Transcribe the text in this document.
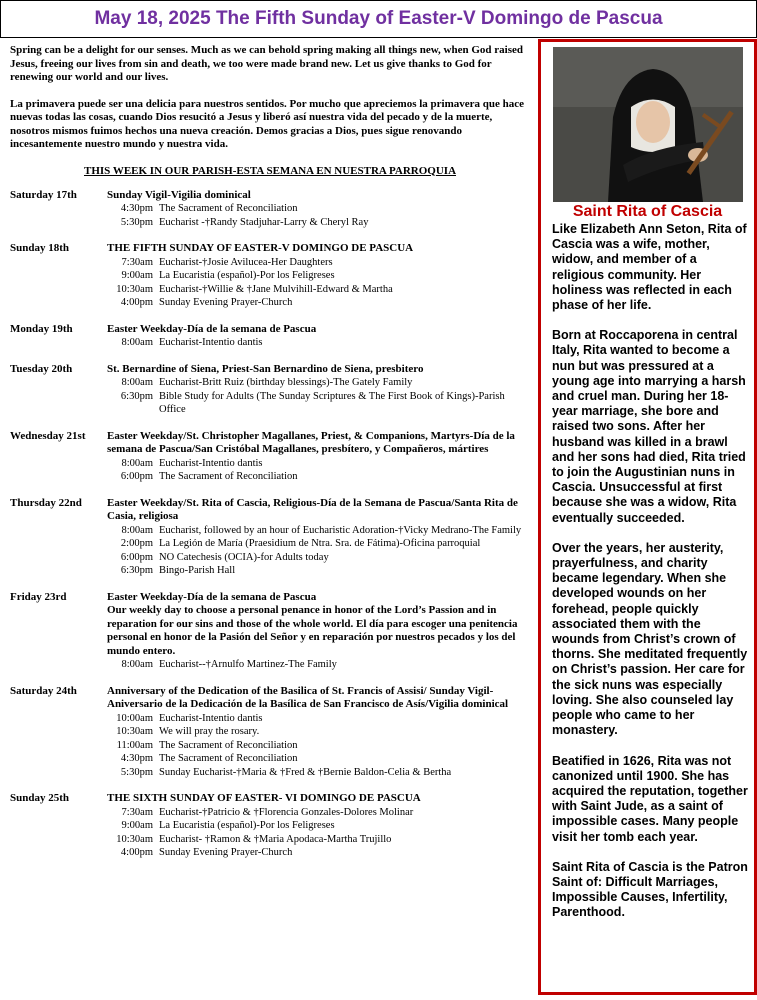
May 18, 2025 The Fifth Sunday of Easter-V Domingo de Pascua

Spring can be a delight for our senses. Much as we can behold spring making all things new, when God raised Jesus, freeing our lives from sin and death, we too were made brand new. Let us give thanks to God for renewing our world and our lives.

La primavera puede ser una delicia para nuestros sentidos. Por mucho que apreciemos la primavera que hace nuevas todas las cosas, cuando Dios resucitó a Jesus y liberó así nuestra vida del pecado y de la muerte, nosotros mismos fuimos hechos una nueva creación. Demos gracias a Dios, pues sigue renovando incesantemente nuestro mundo y nuestra vida.

THIS WEEK IN OUR PARISH-ESTA SEMANA EN NUESTRA PARROQUIA
Saturday 17th	Sunday Vigil-Vigilia dominical
4:30pm The Sacrament of Reconciliation
5:30pm Eucharist -†Randy Stadjuhar-Larry & Cheryl Ray
Sunday 18th	THE FIFTH SUNDAY OF EASTER-V DOMINGO DE PASCUA
7:30am Eucharist-†Josie Avilucea-Her Daughters
9:00am La Eucaristia (español)-Por los Feligreses
10:30am Eucharist-†Willie & †Jane Mulvihill-Edward & Martha
4:00pm Sunday Evening Prayer-Church
Monday 19th	Easter Weekday-Día de la semana de Pascua
8:00am Eucharist-Intentio dantis
Tuesday 20th	St. Bernardine of Siena, Priest-San Bernardino de Siena, presbitero
8:00am Eucharist-Britt Ruiz (birthday blessings)-The Gately Family
6:30pm Bible Study for Adults (The Sunday Scriptures & The First Book of Kings)-Parish Office
Wednesday 21st	Easter Weekday/St. Christopher Magallanes, Priest, & Companions, Martyrs-Día de la semana de Pascua/San Cristóbal Magallanes, presbítero, y Compañeros, mártires
8:00am Eucharist-Intentio dantis
6:00pm The Sacrament of Reconciliation
Thursday 22nd	Easter Weekday/St. Rita of Cascia, Religious-Día de la Semana de Pascua/Santa Rita de Casia, religiosa
8:00am Eucharist, followed by an hour of Eucharistic Adoration-†Vicky Medrano-The Family
2:00pm La Legión de María (Praesidium de Ntra. Sra. de Fátima)-Oficina parroquial
6:00pm NO Catechesis (OCIA)-for Adults today
6:30pm Bingo-Parish Hall
Friday 23rd	Easter Weekday-Día de la semana de Pascua
Our weekly day to choose a personal penance in honor of the Lord’s Passion and in reparation for our sins and those of the whole world. El día para escoger una penitencia personal en honor de la Pasión del Señor y en reparación por nuestros pecados y los del mundo entero.
8:00am Eucharist--†Arnulfo Martinez-The Family
Saturday 24th	Anniversary of the Dedication of the Basilica of St. Francis of Assisi/ Sunday Vigil-Aniversario de la Dedicación de la Basílica de San Francisco de Asís/Vigilia dominical
10:00am Eucharist-Intentio dantis
10:30am We will pray the rosary.
11:00am The Sacrament of Reconciliation
4:30pm The Sacrament of Reconciliation
5:30pm Sunday Eucharist-†Maria & †Fred & †Bernie Baldon-Celia & Bertha
Sunday 25th	THE SIXTH SUNDAY OF EASTER- VI DOMINGO DE PASCUA
7:30am Eucharist-†Patricio & †Florencia Gonzales-Dolores Molinar
9:00am La Eucaristia (español)-Por los Feligreses
10:30am Eucharist- †Ramon & †Maria Apodaca-Martha Trujillo
4:00pm Sunday Evening Prayer-Church
Saint Rita of Cascia

Like Elizabeth Ann Seton, Rita of Cascia was a wife, mother, widow, and member of a religious community. Her holiness was reflected in each phase of her life.

Born at Roccaporena in central Italy, Rita wanted to become a nun but was pressured at a young age into marrying a harsh and cruel man. During her 18-year marriage, she bore and raised two sons. After her husband was killed in a brawl and her sons had died, Rita tried to join the Augustinian nuns in Cascia. Unsuccessful at first because she was a widow, Rita eventually succeeded.

Over the years, her austerity, prayerfulness, and charity became legendary. When she developed wounds on her forehead, people quickly associated them with the wounds from Christ’s crown of thorns. She meditated frequently on Christ’s passion. Her care for the sick nuns was especially loving. She also counseled lay people who came to her monastery.

Beatified in 1626, Rita was not canonized until 1900. She has acquired the reputation, together with Saint Jude, as a saint of impossible cases. Many people visit her tomb each year.

Saint Rita of Cascia is the Patron Saint of: Difficult Marriages, Impossible Causes, Infertility, Parenthood.
